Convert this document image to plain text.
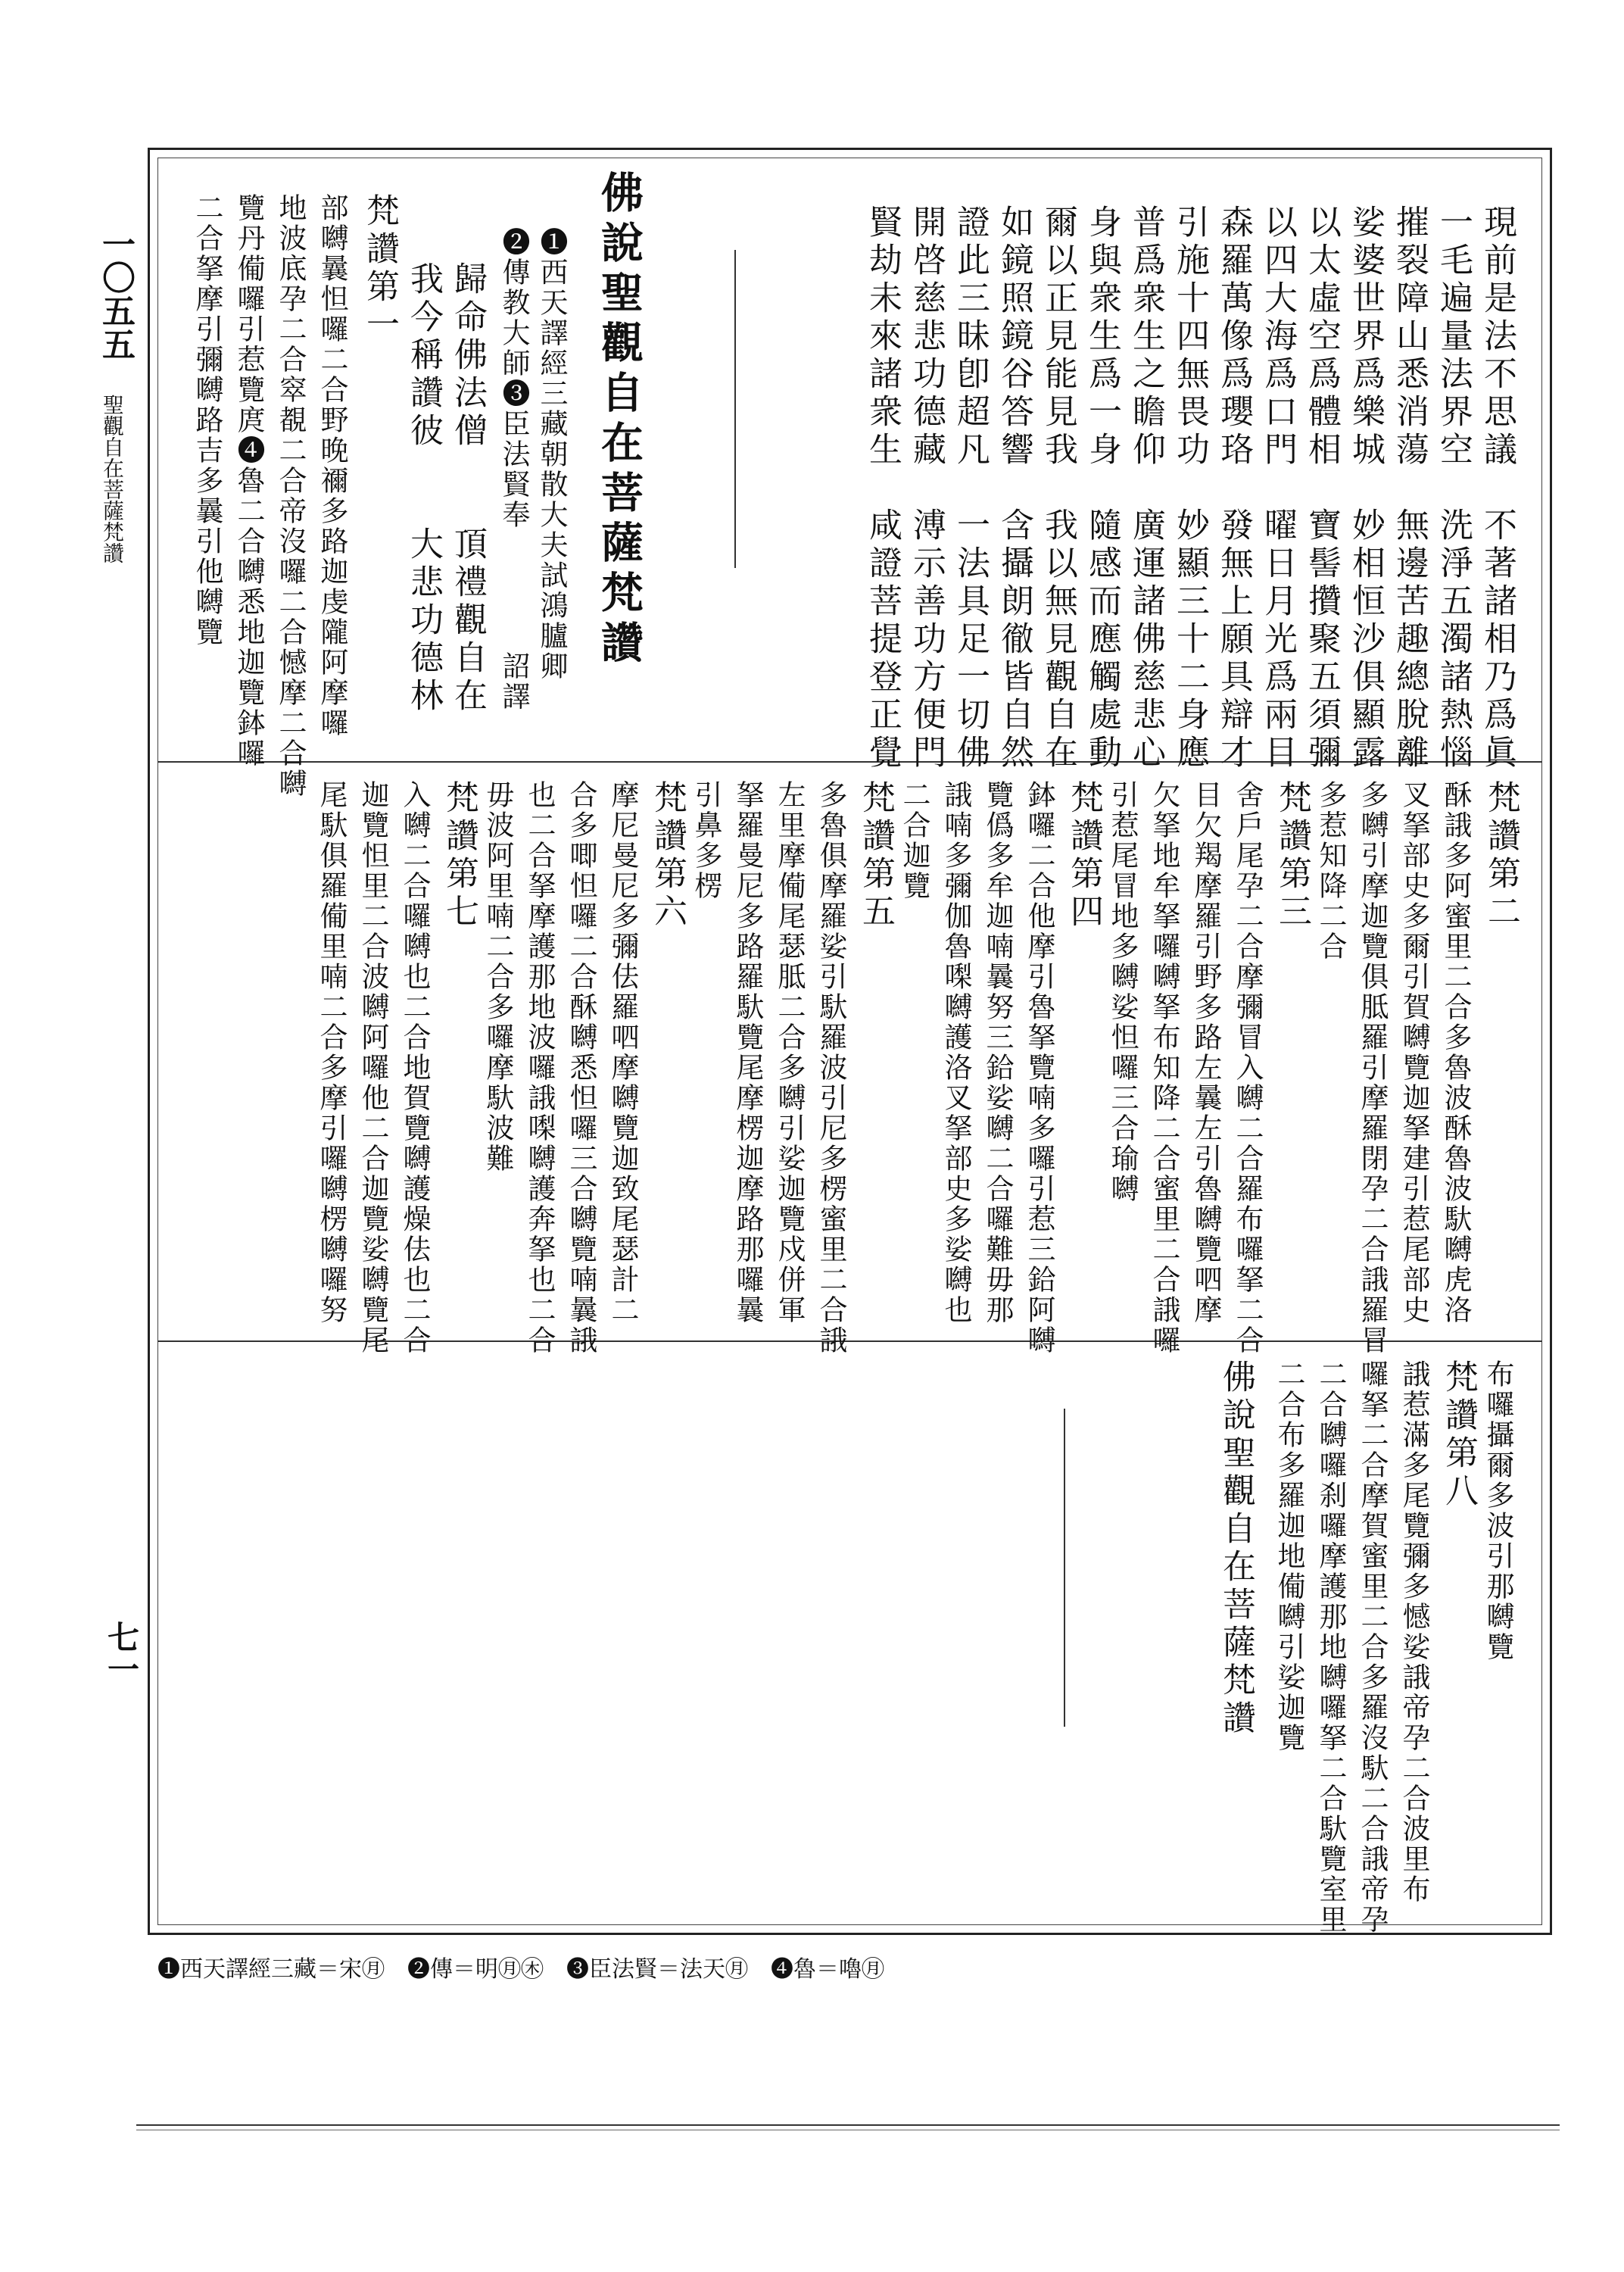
一〇五五
聖觀自在菩薩梵讚
七一
現前是法不思議　不著諸相乃爲眞
一毛遍量法界空　洗淨五濁諸熱惱
摧裂障山悉消蕩　無邊苦趣總脫離
娑婆世界爲樂城　妙相恒沙俱顯露
以太虛空爲體相　寶髻攢聚五須彌
以四大海爲口門　曜日月光爲兩目
森羅萬像爲瓔珞　發無上願具辯才
引施十四無畏功　妙顯三十二身應
普爲衆生之瞻仰　廣運諸佛慈悲心
身與衆生爲一身　隨感而應觸處動
爾以正見能見我　我以無見觀自在
如鏡照鏡谷答響　含攝朗徹皆自然
證此三昧卽超凡　一法具足一切佛
開啓慈悲功德藏　溥示善功方便門
賢劫未來諸衆生　咸證菩提登正覺
佛說聖觀自在菩薩梵讚
❶西天譯經三藏朝散大夫試鴻臚卿
❷傳教大師❸臣法賢奉　　　　詔譯
歸命佛法僧　　頂禮觀自在
我今稱讚彼　　大悲功德林
梵讚第一
部嚩曩怛囉二合野晚禰多路迦虔隴阿摩囉
地波底孕二合窣覩二合帝沒囉二合憾摩二合嚩
覽丹僃囉引惹覽庹❹魯二合嚩悉地迦覽鉢囉
二合拏摩引彌嚩路吉多曩引他嚩覽
梵讚第二
酥誐多阿蜜里二合多魯波酥魯波馱嚩虎洛
叉拏部史多爾引賀嚩覽迦拏建引惹尾部史
多嚩引摩迦覽俱胝羅引摩羅閉孕二合誐羅冒
多惹知降二合
梵讚第三
舍戶尾孕二合摩彌冒入嚩二合羅布囉拏二合
目欠羯摩羅引野多路左曩左引魯嚩覽呬摩
欠拏地牟拏囉嚩拏布知降二合蜜里二合誐囉
引惹尾冒地多嚩娑怛囉三合瑜嚩
梵讚第四
鉢囉二合他摩引魯拏覽喃多囉引惹三鉿阿嚩
覽僞多牟迦喃曩努三鉿娑嚩二合囉難毋那
誐喃多彌伽魯𠼝嚩護洛叉拏部史多娑嚩也
二合迦覽
梵讚第五
多魯俱摩羅娑引馱羅波引尼多楞蜜里二合誐
左里摩僃尾瑟胝二合多嚩引娑迦覽戍併軍
拏羅曼尼多路羅馱覽尾摩楞迦摩路那囉曩
引鼻多楞
梵讚第六
摩尼曼尼多彌佉羅呬摩嚩覽迦致尾瑟計二
合多唧怛囉二合酥嚩悉怛囉三合嚩覽喃曩誐
也二合拏摩護那地波囉誐𠼝嚩護奔拏也二合
毋波阿里喃二合多囉摩馱波難
梵讚第七
入嚩二合囉嚩也二合地賀覽嚩護燥佉也二合
迦覽怛里二合波嚩阿囉他二合迦覽娑嚩覽尾
尾馱俱羅僃里喃二合多摩引囉嚩楞嚩囉努
布囉攝爾多波引那嚩覽
梵讚第八
誐惹滿多尾覽彌多憾娑誐帝孕二合波里布
囉拏二合摩賀蜜里二合多羅沒馱二合誐帝孕
二合嚩囉刹囉摩護那地嚩囉拏二合馱覽室里
二合布多羅迦地僃嚩引娑迦覽
佛說聖觀自在菩薩梵讚
❶西天譯經三藏＝宋㊊　❷傳＝明㊊㊍　❸臣法賢＝法天㊊　❹魯＝嚕㊊
